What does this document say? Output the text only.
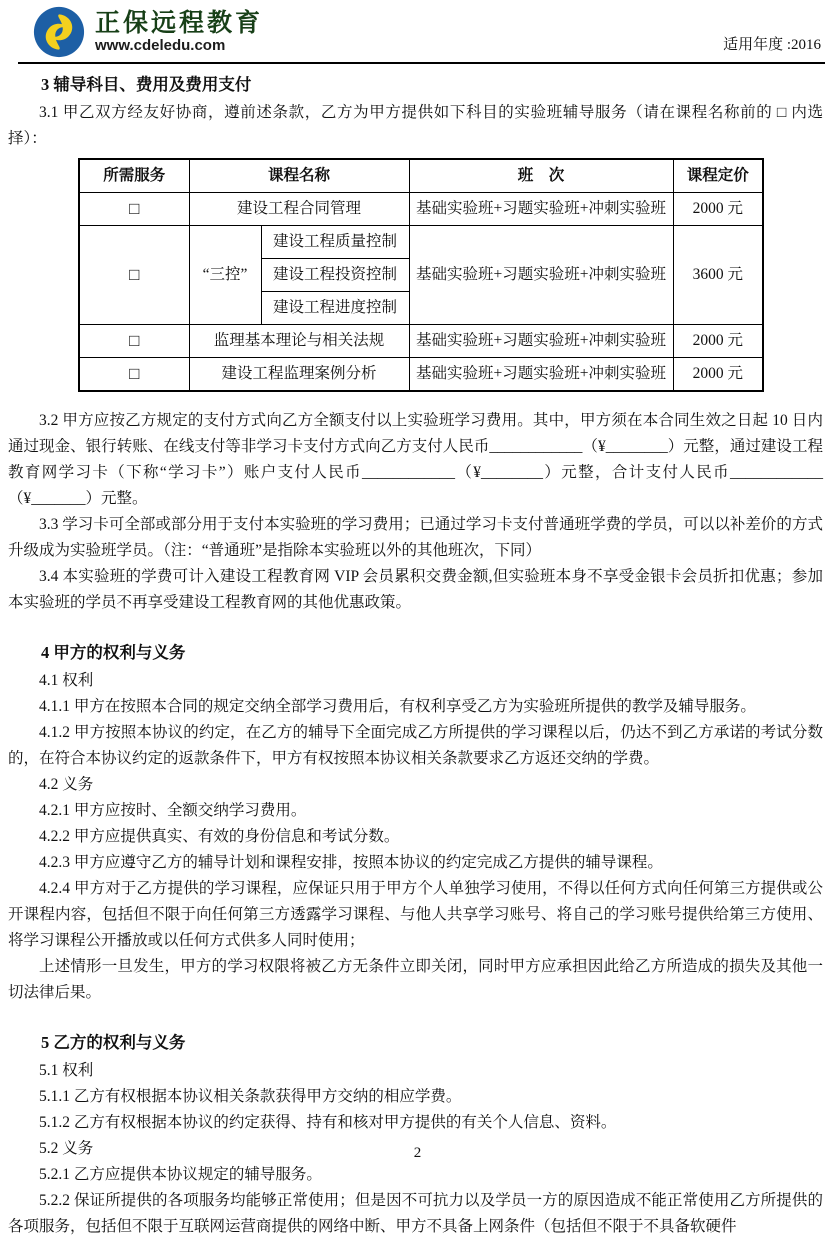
正保远程教育
www.cdeledu.com	适用年度 :2016
3 辅导科目、费用及费用支付

3.1 甲乙双方经友好协商，遵前述条款，乙方为甲方提供如下科目的实验班辅导服务（请在课程名称前的 □ 内选择）：

所需服务	课程名称		班　次	课程定价
□	建设工程合同管理		基础实验班+习题实验班+冲刺实验班	2000 元
□	“三控”	建设工程质量控制	基础实验班+习题实验班+冲刺实验班	3600 元
		建设工程投资控制		
		建设工程进度控制		
□	监理基本理论与相关法规		基础实验班+习题实验班+冲刺实验班	2000 元
□	建设工程监理案例分析		基础实验班+习题实验班+冲刺实验班	2000 元

3.2 甲方应按乙方规定的支付方式向乙方全额支付以上实验班学习费用。其中，甲方须在本合同生效之日起 10 日内通过现金、银行转账、在线支付等非学习卡支付方式向乙方支付人民币____________（¥________）元整，通过建设工程教育网学习卡（下称“学习卡”）账户支付人民币____________（¥________）元整，合计支付人民币____________（¥_______）元整。

3.3 学习卡可全部或部分用于支付本实验班的学习费用；已通过学习卡支付普通班学费的学员，可以以补差价的方式升级成为实验班学员。（注：“普通班”是指除本实验班以外的其他班次，下同）

3.4 本实验班的学费可计入建设工程教育网 VIP 会员累积交费金额,但实验班本身不享受金银卡会员折扣优惠；参加本实验班的学员不再享受建设工程教育网的其他优惠政策。

4 甲方的权利与义务

4.1 权利

4.1.1 甲方在按照本合同的规定交纳全部学习费用后，有权利享受乙方为实验班所提供的教学及辅导服务。

4.1.2 甲方按照本协议的约定，在乙方的辅导下全面完成乙方所提供的学习课程以后，仍达不到乙方承诺的考试分数的，在符合本协议约定的返款条件下，甲方有权按照本协议相关条款要求乙方返还交纳的学费。

4.2 义务

4.2.1 甲方应按时、全额交纳学习费用。

4.2.2 甲方应提供真实、有效的身份信息和考试分数。

4.2.3 甲方应遵守乙方的辅导计划和课程安排，按照本协议的约定完成乙方提供的辅导课程。

4.2.4 甲方对于乙方提供的学习课程，应保证只用于甲方个人单独学习使用，不得以任何方式向任何第三方提供或公开课程内容，包括但不限于向任何第三方透露学习课程、与他人共享学习账号、将自己的学习账号提供给第三方使用、将学习课程公开播放或以任何方式供多人同时使用；

上述情形一旦发生，甲方的学习权限将被乙方无条件立即关闭，同时甲方应承担因此给乙方所造成的损失及其他一切法律后果。

5 乙方的权利与义务

5.1 权利

5.1.1 乙方有权根据本协议相关条款获得甲方交纳的相应学费。

5.1.2 乙方有权根据本协议的约定获得、持有和核对甲方提供的有关个人信息、资料。

5.2 义务

5.2.1 乙方应提供本协议规定的辅导服务。

5.2.2 保证所提供的各项服务均能够正常使用；但是因不可抗力以及学员一方的原因造成不能正常使用乙方所提供的各项服务，包括但不限于互联网运营商提供的网络中断、甲方不具备上网条件（包括但不限于不具备软硬件

2
